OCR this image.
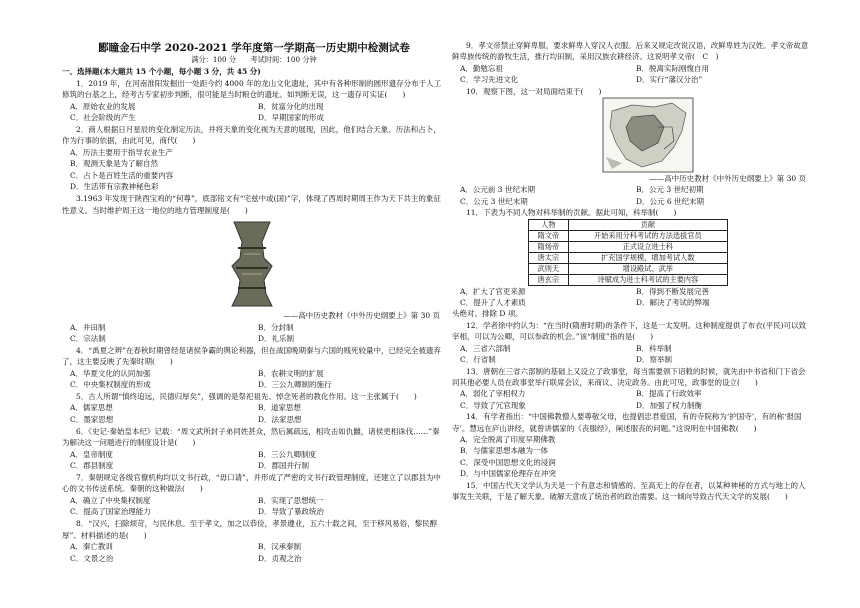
郾瞳金石中学 2020-2021 学年度第一学期高一历史期中检测试卷
满分：100 分　　考试时间：100 分钟

一、选择题(本大题共 15 个小题，每小题 3 分，共 45 分)

1．2019 年，在河南淮阳发掘出一处距今约 4000 年的龙山文化遗址，其中有各种形制的圆形遗存分布于人工修筑的台基之上，经考古专家初步判断，很可能是当时粮仓的遗址。如判断无误，这一遗存可实证(　　)

A．原始农业的发展	B．贫富分化的出现
C．社会阶级的产生	D．早期国家的形成

2．商人根据日月星辰的变化制定历法，并将天象的变化视为天意的展现，因此，他们结合天象、历法和占卜，作为行事的依据，由此可见，商代(　　)

A．历法主要用于指导农业生产
B．观测天象是为了解自然
C．占卜是百姓生活的重要内容
D．生活带有宗教神秘色彩

3.1963 年发现于陕西宝鸡的“何尊”，底部铭文有“宅兹中或(国)”字，体现了西周时期周王作为天下共主的象征性意义。当时维护周王这一地位的地方管理制度是(　　)

——高中历史教材《中外历史纲要上》第 30 页

A．井田制	B．分封制
C．宗法制	D．礼乐制

4．“禹夏之辨”在春秋时期曾经是诸侯争霸的舆论利器，但在战国晚期秦与六国的贱死较量中，已经完全被遗弃了，这主要反映了先秦时期(　　)

A．华夏文化的认同加强	B．农耕文明的扩展
C．中央集权制度的形成	D．三公九卿制的施行

5．古人所谓“慎终追远，民德归厚矣”，强调的是祭祀祖先、悼念死者的教化作用。这一主张属于(　　)

A．儒家思想	B．道家思想
C．墨家思想	D．法家思想

6．《史记·秦始皇本纪》记载：“周文武所封子弟同姓甚众，然后属疏远，相攻击如仇雠，诸侯更相诛伐……”秦为解决这一问题进行的制度设计是(　　)

A．皇帝制度	B．三公九卿制度
C．郡县制度	D．郡国并行制

7．秦朝规定各级官僚机构均以文书行政，“毋口请”，并形成了严密的文书行政管理制度，还建立了以郡县为中心的文书传送系统。秦朝的这种做法(　　)

A．确立了中央集权制度	B．实现了思想统一
C．提高了国家治理能力	D．导致了暴政统治

8．“汉兴，扫除烦苛，与民休息。至于孝文，加之以恭俭，孝景遵业，五六十载之间，至于移风易俗，黎民醇厚”。材料描述的是(　　)

A．秦亡教训	B．汉承秦制
C．文景之治	D．贞观之治

9．孝文帝禁止穿鲜卑服，要求鲜卑人穿汉人衣服。后来又规定改说汉语，改鲜卑姓为汉姓。孝文帝故意鲜卑族传统的游牧生活，推行均田制，采用汉族农耕经济。这说明孝文帝(　C　)

A．勤勉忘祖	B．脱离实际刚愎自用
C．学习先进文化	D．实行“藩汉分治”

10．观察下图，这一对局面结束于(　　)

——高中历史教材《中外历史纲要上》第 30 页

A．公元前 3 世纪末期	B．公元 3 世纪初期
C．公元 3 世纪末期	D．公元 6 世纪末期

11．下表为不同人物对科举制的贡献。据此可知，科举制(　　)

人物	贡献
隋文帝	开始采用分科考试的方法选拔官员
隋炀帝	正式设立进士科
唐太宗	扩充国学规模，增加考试人数
武则天	增设殿试、武举
唐玄宗	诗赋成为进士科考试的主要内容
A．扩大了官吏来源	B．得到不断发展完善
C．提升了人才素质	D．解决了考试的弊端

头绝对。排除 D 项。

12．学者徐中约认为：“在当时(隋唐时期)的条件下，这是一太发明。这种制度提供了布衣(平民)可以致宰相，可以为公卿，可以参政的机会。”该“制度”指的是(　　)

A．三省六部制	B．科举制
C．行省制	D．察举制

13．唐朝在三省六部制的基础上又设立了政事堂，每当需要颁下诏敕的时候，就先由中书省和门下省会同其他必要人员在政事堂举行联席会议，来商议、决定政务。由此可见，政事堂的设立(　　)

A．弱化了宰相权力	B．提高了行政效率
C．导致了冗官现象	D．加强了权力制衡

14．有学者指出：“中国佛教僧人要尊敬父母，也提倡忠君爱国，有的寺院称为‘护国寺’，有的称‘报国寺’。慧远在庐山讲经，就曾讲儒家的《丧服经》，阐述服丧的问题。”这说明在中国佛教(　　)

A．完全脱离了印度早期佛教
B．与儒家思想本融为一体
C．深受中国思想文化的浸润
D．与中国儒家伦理存在冲突

15．中国古代天文学认为天是一个有意志和情感的、至高无上的存在者，以某种神秘的方式与地上的人事发生关联，于是了解天象、破解天意成了统治者的政治需要。这一倾向导致古代天文学的发展(　　)
